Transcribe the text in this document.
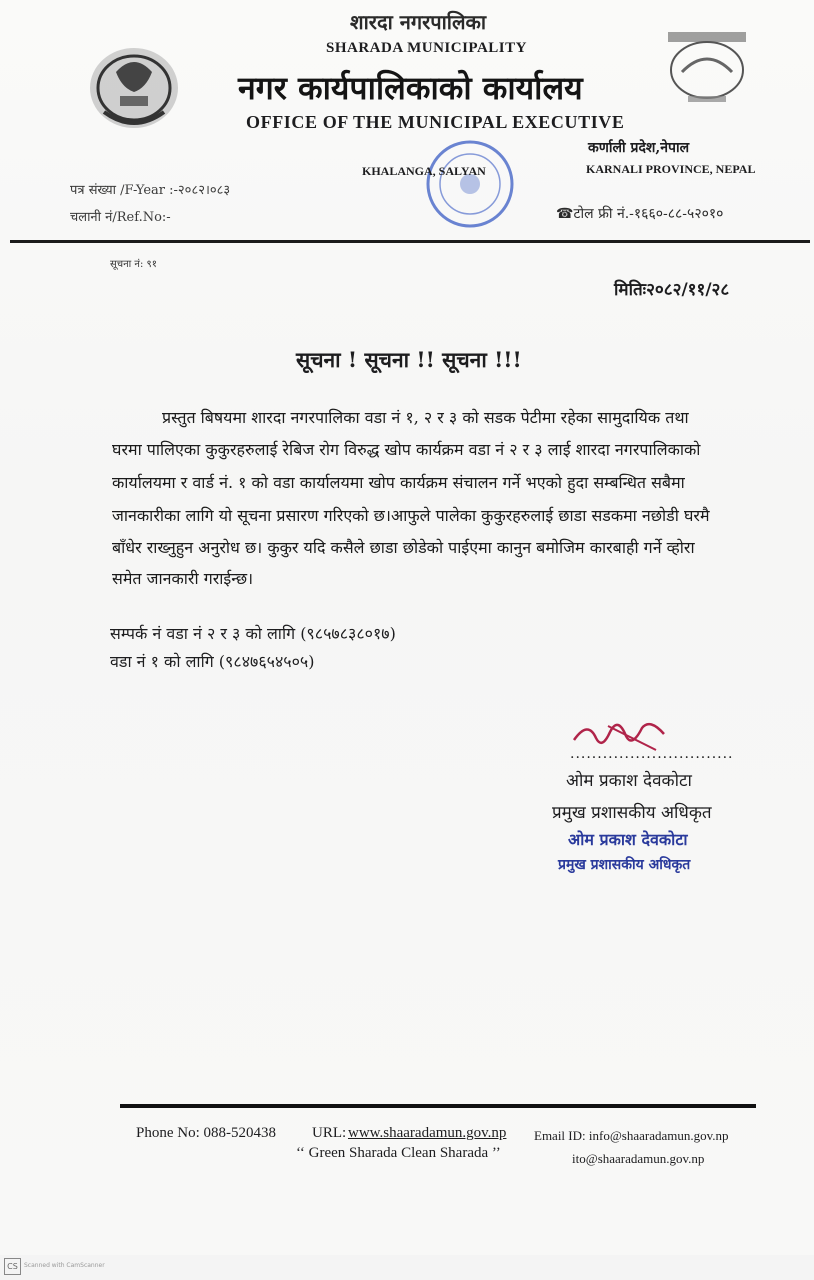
शारदा नगरपालिका
SHARADA MUNICIPALITY
नगर कार्यपालिकाको कार्यालय
OFFICE OF THE MUNICIPAL EXECUTIVE
KHALANGA, SALYAN
कर्णाली प्रदेश,नेपाल
KARNALI PROVINCE, NEPAL
पत्र संख्या /F-Year :-२०८२।०८३
चलानी नं/Ref.No:-	☎टोल फ्री नं.-१६६०-८८-५२०१०
सूचना नं: ९१
मितिः२०८२/११/२८
सूचना ! सूचना !! सूचना !!!
प्रस्तुत बिषयमा शारदा नगरपालिका वडा नं १, २ र ३ को सडक पेटीमा रहेका सामुदायिक तथा
घरमा पालिएका कुकुरहरुलाई रेबिज रोग विरुद्ध खोप कार्यक्रम वडा नं २ र ३ लाई शारदा नगरपालिकाको
कार्यालयमा र वार्ड नं. १ को वडा कार्यालयमा खोप कार्यक्रम संचालन गर्ने भएको हुदा सम्बन्धित सबैमा
जानकारीका लागि यो सूचना प्रसारण गरिएको छ।आफुले पालेका कुकुरहरुलाई छाडा सडकमा नछोडी घरमै
बाँधेर राख्नुहुन अनुरोध छ। कुकुर यदि कसैले छाडा छोडेको पाईएमा कानुन बमोजिम कारबाही गर्ने व्होरा
समेत जानकारी गराईन्छ।
सम्पर्क नं वडा नं २ र ३ को लागि (९८५७८३८०१७)
वडा नं १ को लागि (९८४७६५४५०५)
..............................
ओम प्रकाश देवकोटा
प्रमुख प्रशासकीय अधिकृत
ओम प्रकाश देवकोटा
प्रमुख प्रशासकीय अधिकृत
Phone No: 088-520438 URL: www.shaaradamun.gov.np Email ID: info@shaaradamun.gov.np
‘‘ Green Sharada Clean Sharada ’’	ito@shaaradamun.gov.np
CS	Scanned with CamScanner
